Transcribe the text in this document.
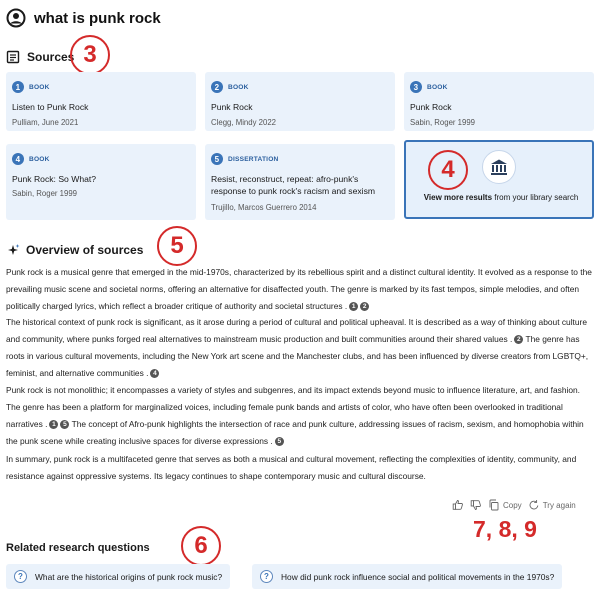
what is punk rock
Sources 3
1	BOOK
Listen to Punk Rock
Pulliam, June 2021
2	BOOK
Punk Rock
Clegg, Mindy 2022
3	BOOK
Punk Rock
Sabin, Roger 1999
4	BOOK
Punk Rock: So What?
Sabin, Roger 1999
5	DISSERTATION
Resist, reconstruct, repeat: afro-punk's response to punk rock's racism and sexism
Trujillo, Marcos Guerrero 2014
View more results from your library search
4
Overview of sources	5
Punk rock is a musical genre that emerged in the mid-1970s, characterized by its rebellious spirit and a distinct cultural identity. It evolved as a response to the prevailing music scene and societal norms, offering an alternative for disaffected youth. The genre is marked by its fast tempos, simple melodies, and often politically charged lyrics, which reflect a broader critique of authority and societal structures . 1 2
The historical context of punk rock is significant, as it arose during a period of cultural and political upheaval. It is described as a way of thinking about culture and community, where punks forged real alternatives to mainstream music production and built communities around their shared values . 2 The genre has roots in various cultural movements, including the New York art scene and the Manchester clubs, and has been influenced by diverse creators from LGBTQ+, feminist, and alternative communities . 4
Punk rock is not monolithic; it encompasses a variety of styles and subgenres, and its impact extends beyond music to influence literature, art, and fashion. The genre has been a platform for marginalized voices, including female punk bands and artists of color, who have often been overlooked in traditional narratives . 1 5 The concept of Afro-punk highlights the intersection of race and punk culture, addressing issues of racism, sexism, and homophobia within the punk scene while creating inclusive spaces for diverse expressions . 5
In summary, punk rock is a multifaceted genre that serves as both a musical and cultural movement, reflecting the complexities of identity, community, and resistance against oppressive systems. Its legacy continues to shape contemporary music and cultural discourse.
Copy	Try again
7, 8, 9
Related research questions	6
?	What are the historical origins of punk rock music?	?	How did punk rock influence social and political movements in the 1970s?
